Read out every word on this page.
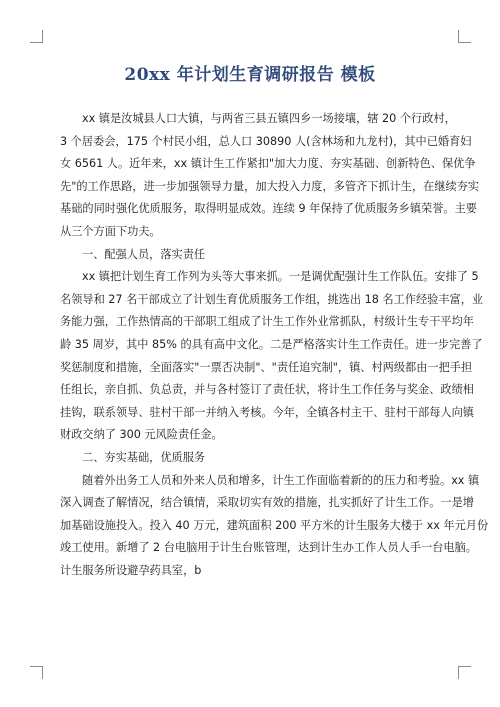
20xx 年计划生育调研报告 模板
xx 镇是汝城县人口大镇，与两省三县五镇四乡一场接壤，辖 20 个行政村，
3 个居委会，175 个村民小组，总人口 30890 人(含林场和九龙村)，其中已婚育妇
女 6561 人。近年来，xx 镇计生工作紧扣"加大力度、夯实基础、创新特色、保优争
先"的工作思路，进一步加强领导力量，加大投入力度，多管齐下抓计生，在继续夯实
基础的同时强化优质服务，取得明显成效。连续 9 年保持了优质服务乡镇荣誉。主要
从三个方面下功夫。
一、配强人员，落实责任
xx 镇把计划生育工作列为头等大事来抓。一是调优配强计生工作队伍。安排了 5
名领导和 27 名干部成立了计划生育优质服务工作组，挑选出 18 名工作经验丰富，业
务能力强，工作热情高的干部职工组成了计生工作外业常抓队，村级计生专干平均年
龄 35 周岁，其中 85% 的具有高中文化。二是严格落实计生工作责任。进一步完善了
奖惩制度和措施，全面落实"一票否决制"、"责任追究制"，镇、村两级都由一把手担
任组长，亲自抓、负总责，并与各村签订了责任状，将计生工作任务与奖金、政绩相
挂钩，联系领导、驻村干部一并纳入考核。今年，全镇各村主干、驻村干部每人向镇
财政交纳了 300 元风险责任金。
二、夯实基础，优质服务
随着外出务工人员和外来人员和增多，计生工作面临着新的的压力和考验。xx 镇
深入调查了解情况，结合镇情，采取切实有效的措施，扎实抓好了计生工作。一是增
加基础设施投入。投入 40 万元，建筑面积 200 平方米的计生服务大楼于 xx 年元月份
竣工使用。新增了 2 台电脑用于计生台账管理，达到计生办工作人员人手一台电脑。
计生服务所设避孕药具室，b
